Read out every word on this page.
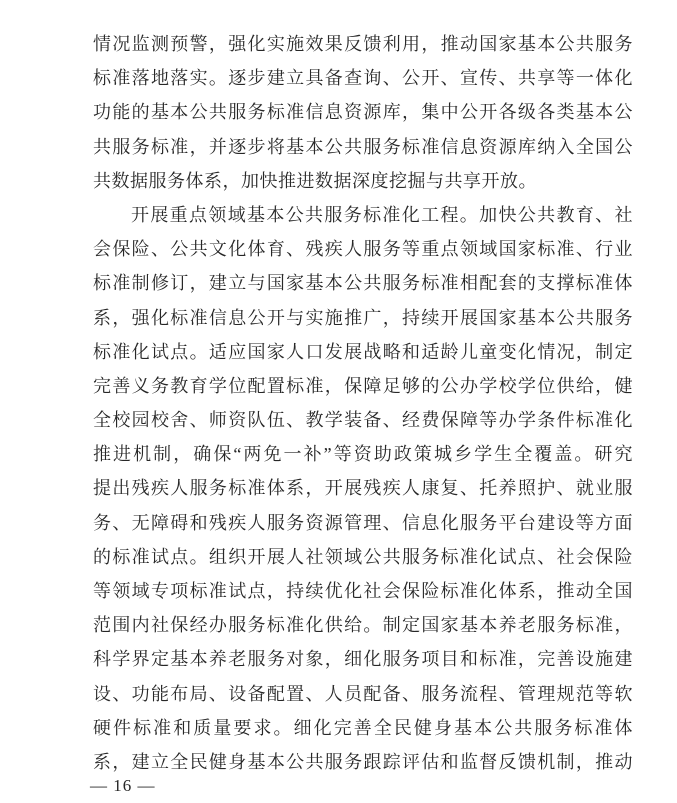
情况监测预警，强化实施效果反馈利用，推动国家基本公共服务
标准落地落实。逐步建立具备查询、公开、宣传、共享等一体化
功能的基本公共服务标准信息资源库，集中公开各级各类基本公
共服务标准，并逐步将基本公共服务标准信息资源库纳入全国公
共数据服务体系，加快推进数据深度挖掘与共享开放。
开展重点领域基本公共服务标准化工程。加快公共教育、社
会保险、公共文化体育、残疾人服务等重点领域国家标准、行业
标准制修订，建立与国家基本公共服务标准相配套的支撑标准体
系，强化标准信息公开与实施推广，持续开展国家基本公共服务
标准化试点。适应国家人口发展战略和适龄儿童变化情况，制定
完善义务教育学位配置标准，保障足够的公办学校学位供给，健
全校园校舍、师资队伍、教学装备、经费保障等办学条件标准化
推进机制，确保“两免一补”等资助政策城乡学生全覆盖。研究
提出残疾人服务标准体系，开展残疾人康复、托养照护、就业服
务、无障碍和残疾人服务资源管理、信息化服务平台建设等方面
的标准试点。组织开展人社领域公共服务标准化试点、社会保险
等领域专项标准试点，持续优化社会保险标准化体系，推动全国
范围内社保经办服务标准化供给。制定国家基本养老服务标准，
科学界定基本养老服务对象，细化服务项目和标准，完善设施建
设、功能布局、设备配置、人员配备、服务流程、管理规范等软
硬件标准和质量要求。细化完善全民健身基本公共服务标准体
系，建立全民健身基本公共服务跟踪评估和监督反馈机制，推动
— 16 —
